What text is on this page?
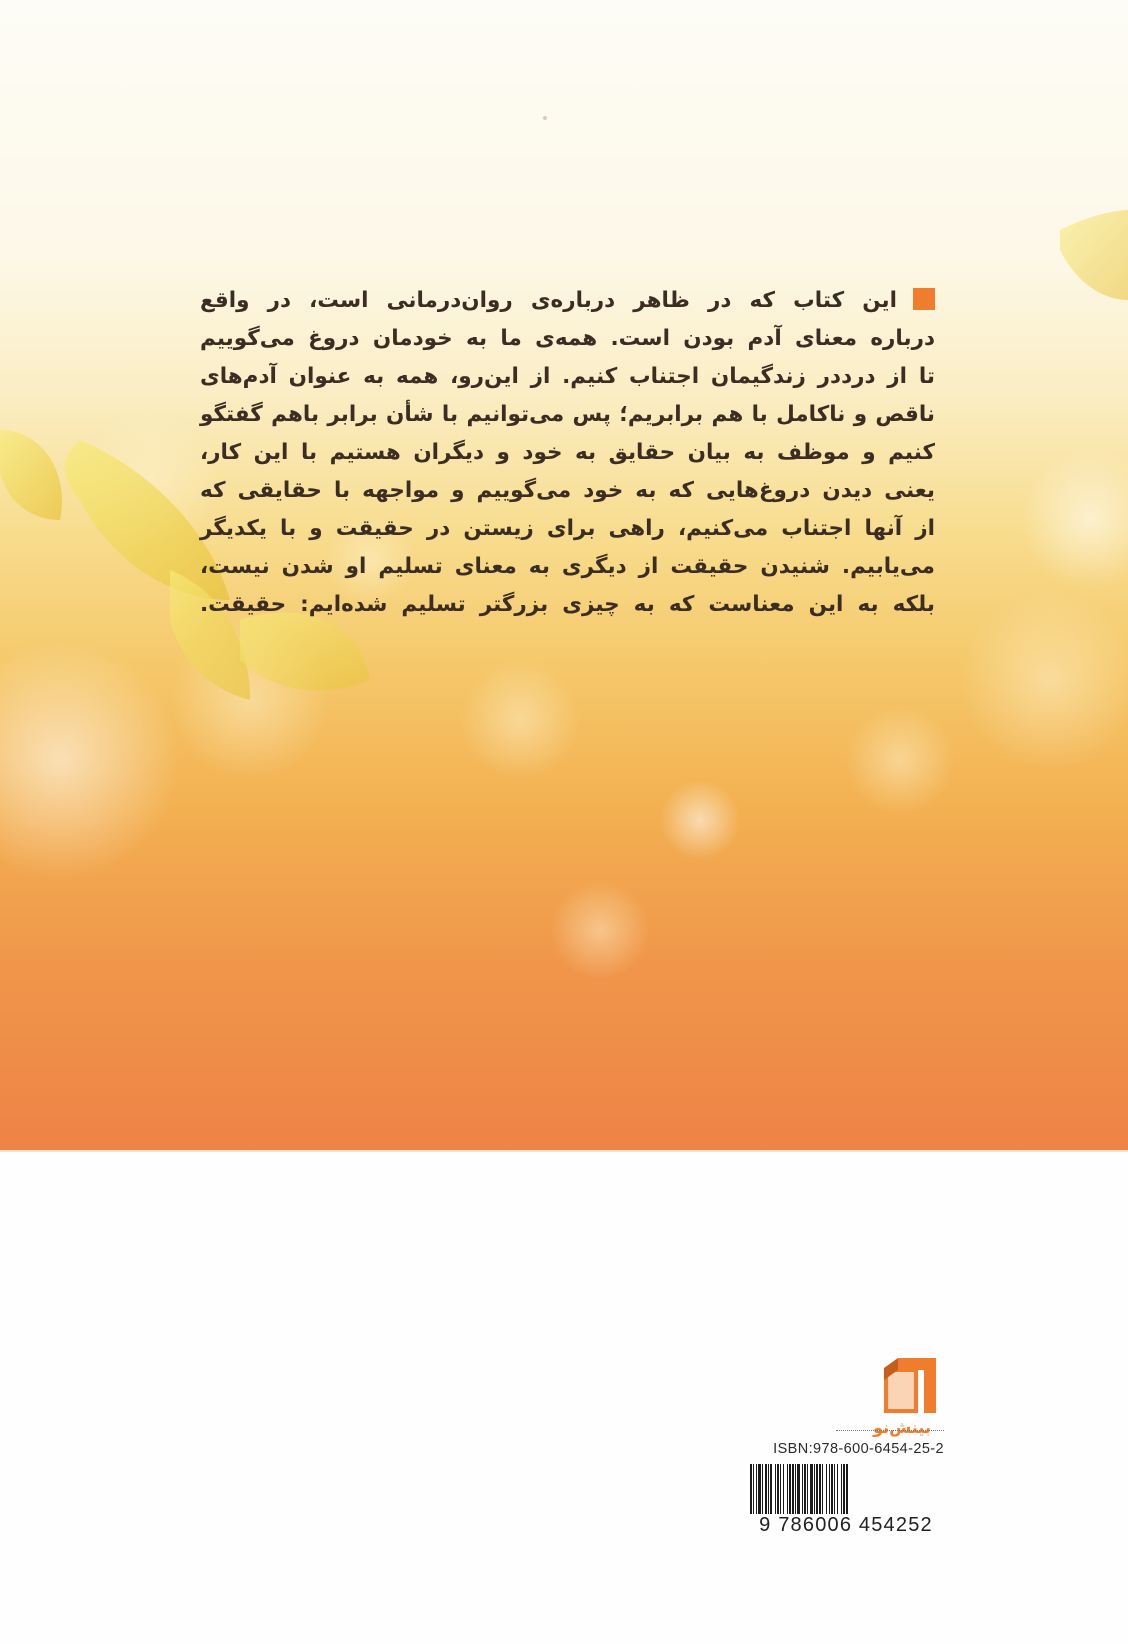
این کتاب که در ظاهر درباره‌ی روان‌درمانی است، در واقع
درباره معنای آدم بودن است. همه‌ی ما به خودمان دروغ می‌گوییم
تا از درددر زندگیمان اجتناب کنیم. از این‌رو، همه به عنوان آدم‌های
ناقص و ناکامل با هم برابریم؛ پس می‌توانیم با شأن برابر باهم گفتگو
کنیم و موظف به بیان حقایق به خود و دیگران هستیم با این کار،
یعنی دیدن دروغ‌هایی که به خود می‌گوییم و مواجهه با حقایقی که
از آنها اجتناب می‌کنیم، راهی برای زیستن در حقیقت و با یکدیگر
می‌یابیم. شنیدن حقیقت از دیگری به معنای تسلیم او شدن نیست،
بلکه به این معناست که به چیزی بزرگتر تسلیم شده‌ایم: حقیقت.
بینش‌نو
ISBN:978-600-6454-25-2
9 786006 454252
